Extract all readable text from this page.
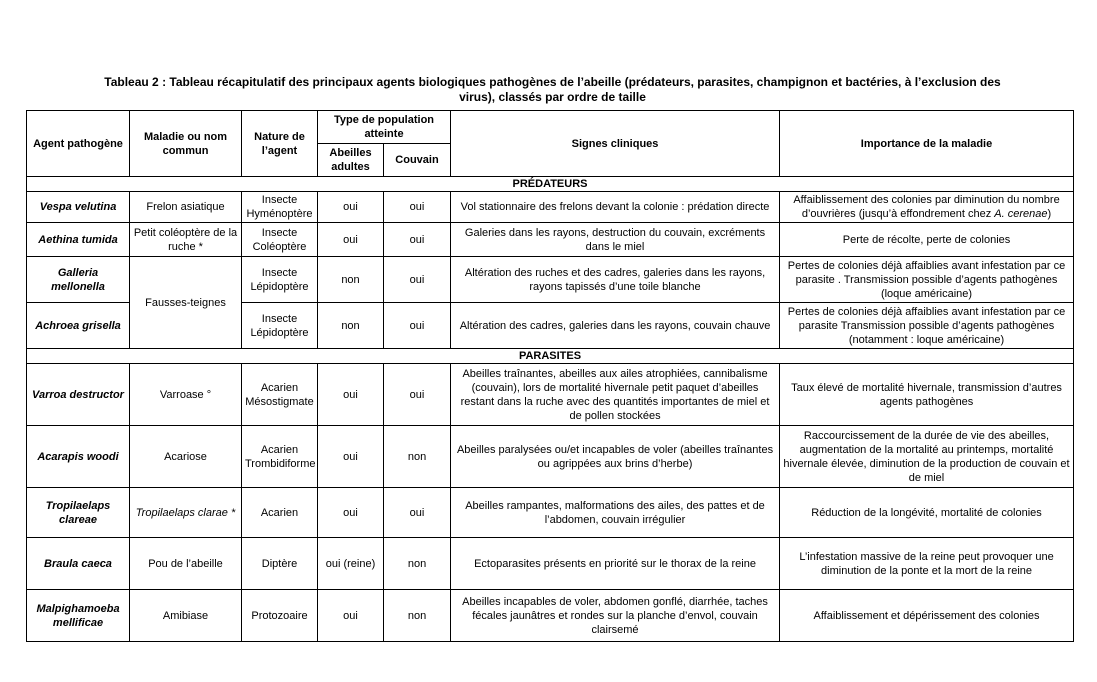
Tableau 2 : Tableau récapitulatif des principaux agents biologiques pathogènes de l’abeille (prédateurs, parasites, champignon et bactéries, à l’exclusion des
virus), classés par ordre de taille
Agent pathogène	Maladie ou nom commun	Nature de l’agent	Type de population atteinte		Signes cliniques	Importance de la maladie
			Abeilles adultes	Couvain		
PRÉDATEURS						
Vespa velutina	Frelon asiatique	Insecte Hyménoptère	oui	oui	Vol stationnaire des frelons devant la colonie : prédation directe	Affaiblissement des colonies par diminution du nombre d’ouvrières (jusqu’à effondrement chez A. cerenae)
Aethina tumida	Petit coléoptère de la ruche *	Insecte Coléoptère	oui	oui	Galeries dans les rayons, destruction du couvain, excréments dans le miel	Perte de récolte, perte de colonies
Galleria mellonella	Fausses-teignes	Insecte Lépidoptère	non	oui	Altération des ruches et des cadres, galeries dans les rayons, rayons tapissés d’une toile blanche	Pertes de colonies déjà affaiblies avant infestation par ce parasite . Transmission possible d’agents pathogènes (loque américaine)
Achroea grisella		Insecte Lépidoptère	non	oui	Altération des cadres, galeries dans les rayons, couvain chauve	Pertes de colonies déjà affaiblies avant infestation par ce parasite Transmission possible d’agents pathogènes (notamment : loque américaine)
PARASITES						
Varroa destructor	Varroase °	Acarien Mésostigmate	oui	oui	Abeilles traînantes, abeilles aux ailes atrophiées, cannibalisme (couvain), lors de mortalité hivernale petit paquet d’abeilles restant dans la ruche avec des quantités importantes de miel et de pollen stockées	Taux élevé de mortalité hivernale, transmission d’autres agents pathogènes
Acarapis woodi	Acariose	Acarien Trombidiforme	oui	non	Abeilles paralysées ou/et incapables de voler (abeilles traînantes ou agrippées aux brins d’herbe)	Raccourcissement de la durée de vie des abeilles, augmentation de la mortalité au printemps, mortalité hivernale élevée, diminution de la production de couvain et de miel
Tropilaelaps clareae	Tropilaelaps clarae *	Acarien	oui	oui	Abeilles rampantes, malformations des ailes, des pattes et de l’abdomen, couvain irrégulier	Réduction de la longévité, mortalité de colonies
Braula caeca	Pou de l’abeille	Diptère	oui (reine)	non	Ectoparasites présents en priorité sur le thorax de la reine	L’infestation massive de la reine peut provoquer une diminution de la ponte et la mort de la reine
Malpighamoeba mellificae	Amibiase	Protozoaire	oui	non	Abeilles incapables de voler, abdomen gonflé, diarrhée, taches fécales jaunâtres et rondes sur la planche d’envol, couvain clairsemé	Affaiblissement et dépérissement des colonies
